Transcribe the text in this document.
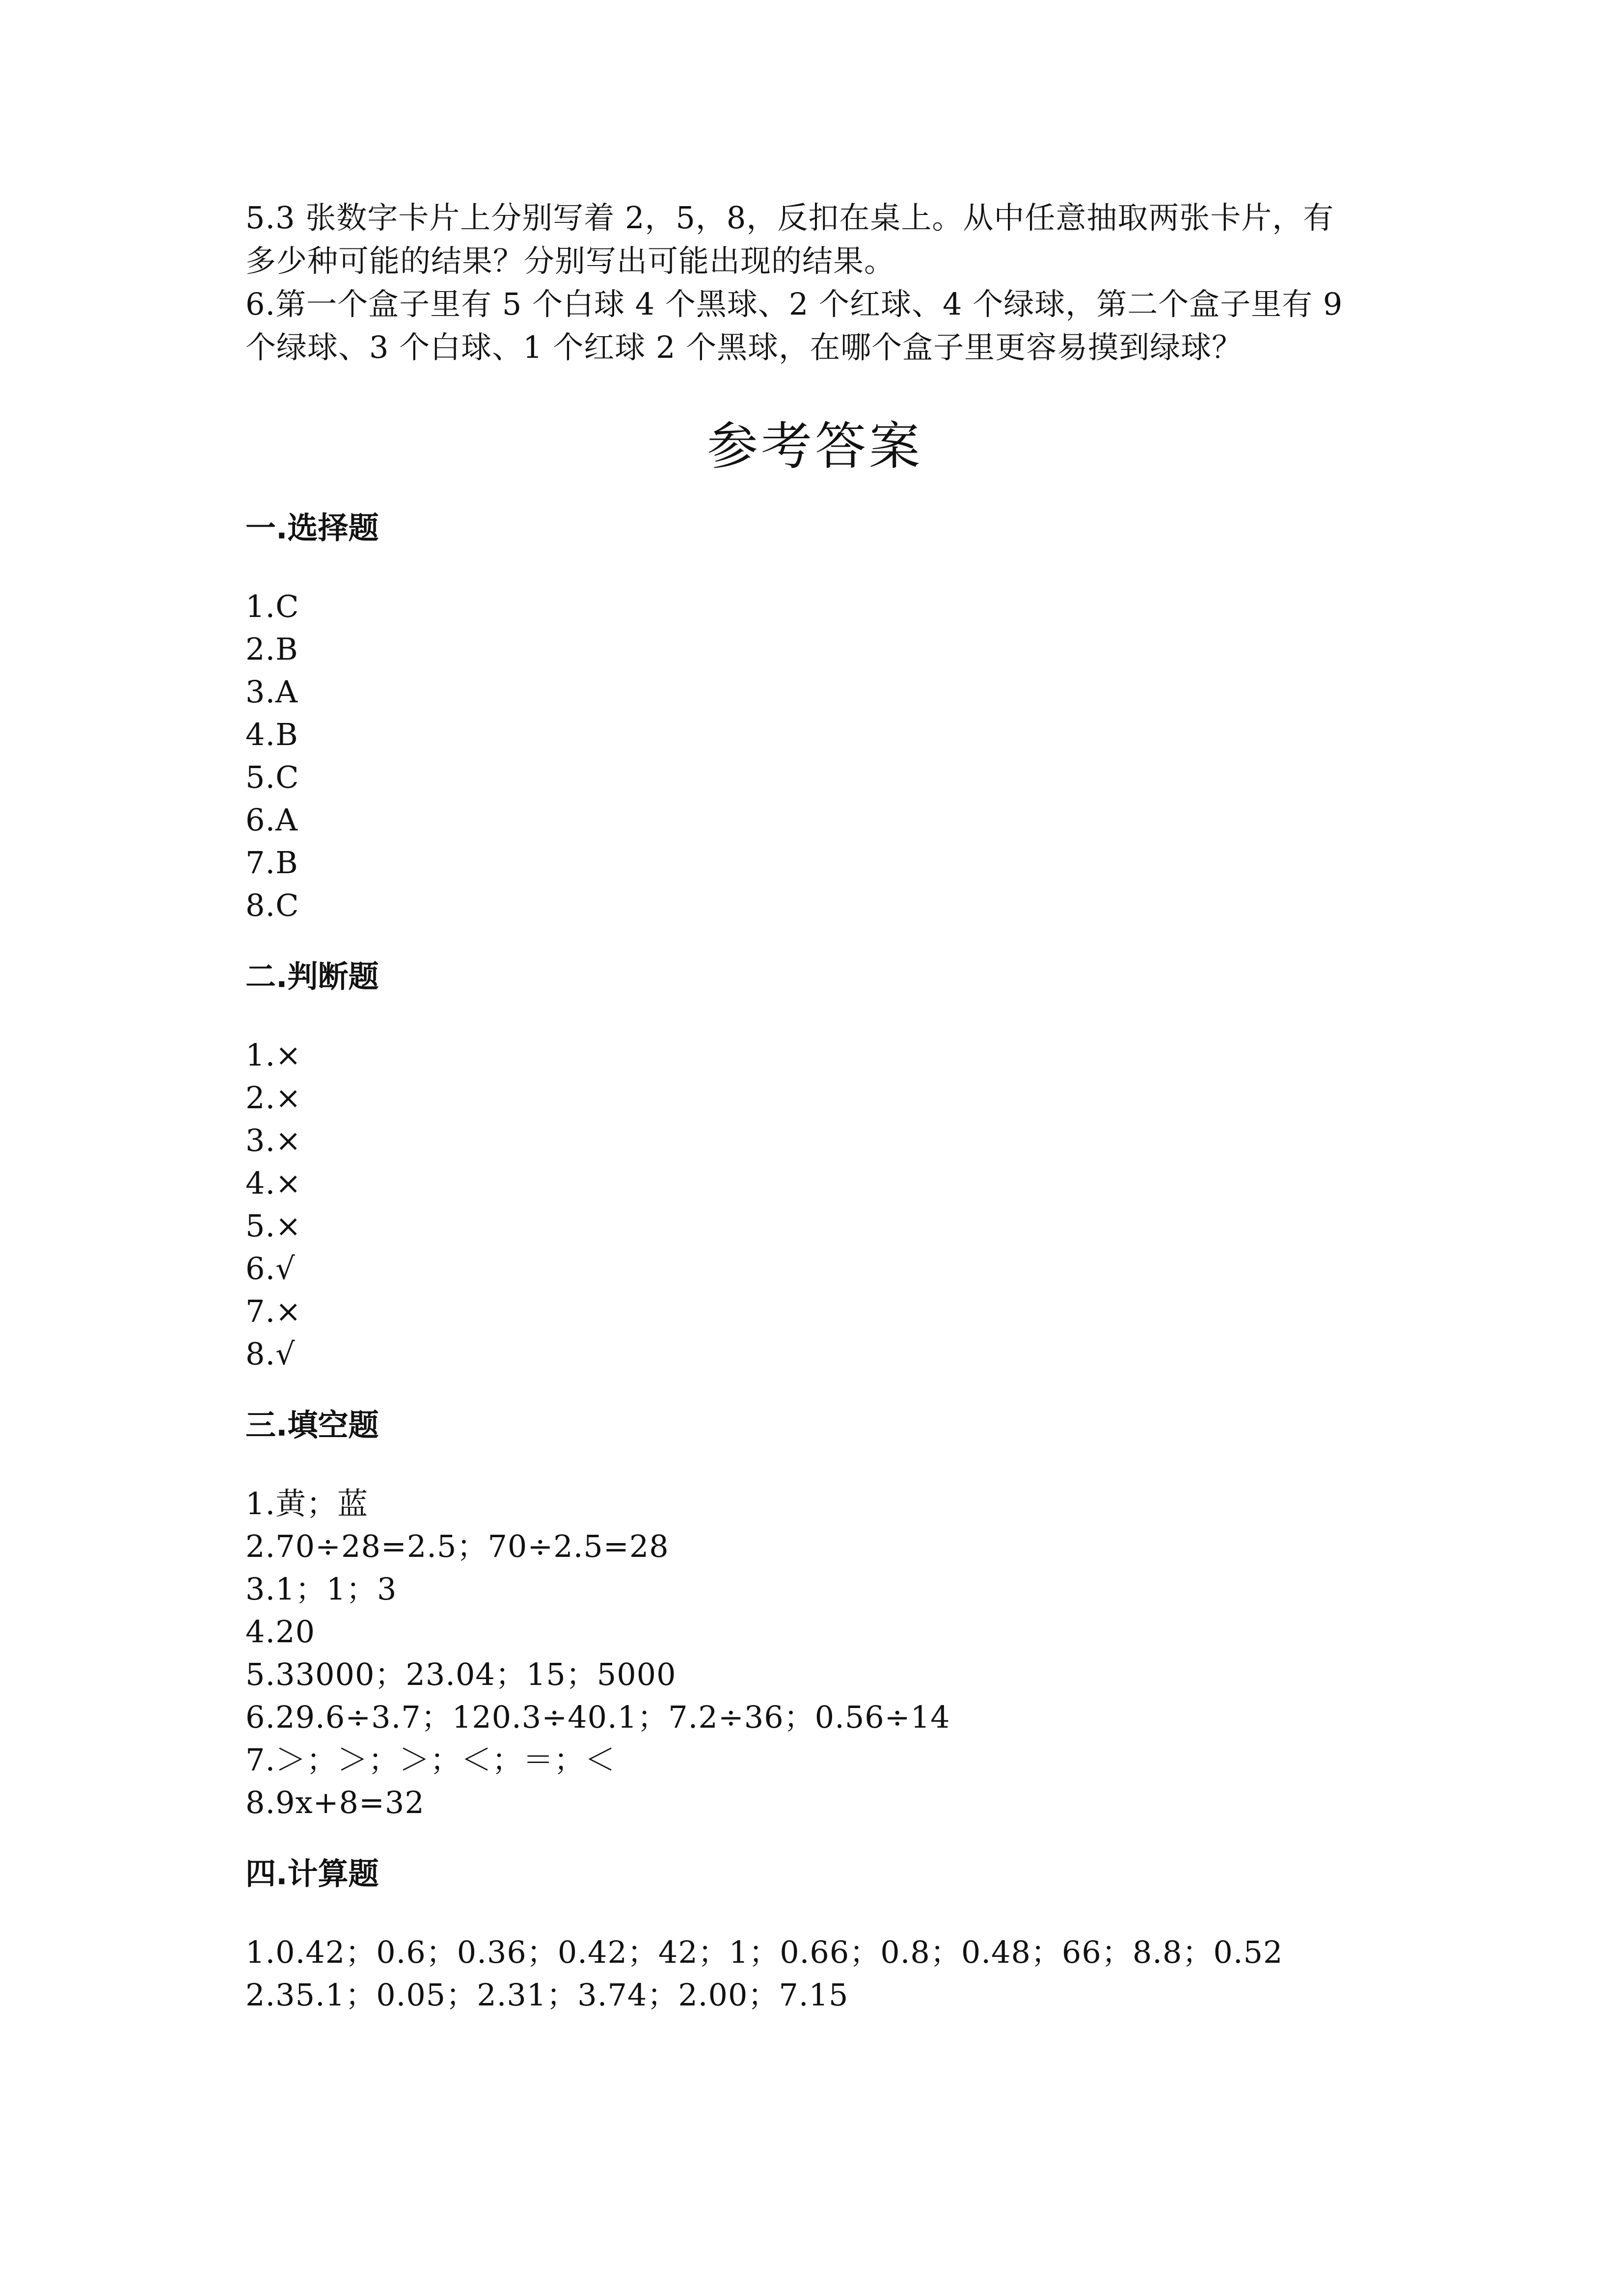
5.3 张数字卡片上分别写着 2，5，8，反扣在桌上。从中任意抽取两张卡片，有

多少种可能的结果？分别写出可能出现的结果。

6.第一个盒子里有 5 个白球 4 个黑球、2 个红球、4 个绿球，第二个盒子里有 9

个绿球、3 个白球、1 个红球 2 个黑球，在哪个盒子里更容易摸到绿球？

参考答案
一.选择题

1.C

2.B

3.A

4.B

5.C

6.A

7.B

8.C

二.判断题

1.×

2.×

3.×

4.×

5.×

6.√

7.×

8.√

三.填空题

1.黄；蓝

2.70÷28=2.5；70÷2.5=28

3.1；1；3

4.20

5.33000；23.04；15；5000

6.29.6÷3.7；120.3÷40.1；7.2÷36；0.56÷14

7.＞；＞；＞；＜；＝；＜

8.9x+8=32

四.计算题

1.0.42；0.6；0.36；0.42；42；1；0.66；0.8；0.48；66；8.8；0.52

2.35.1；0.05；2.31；3.74；2.00；7.15
